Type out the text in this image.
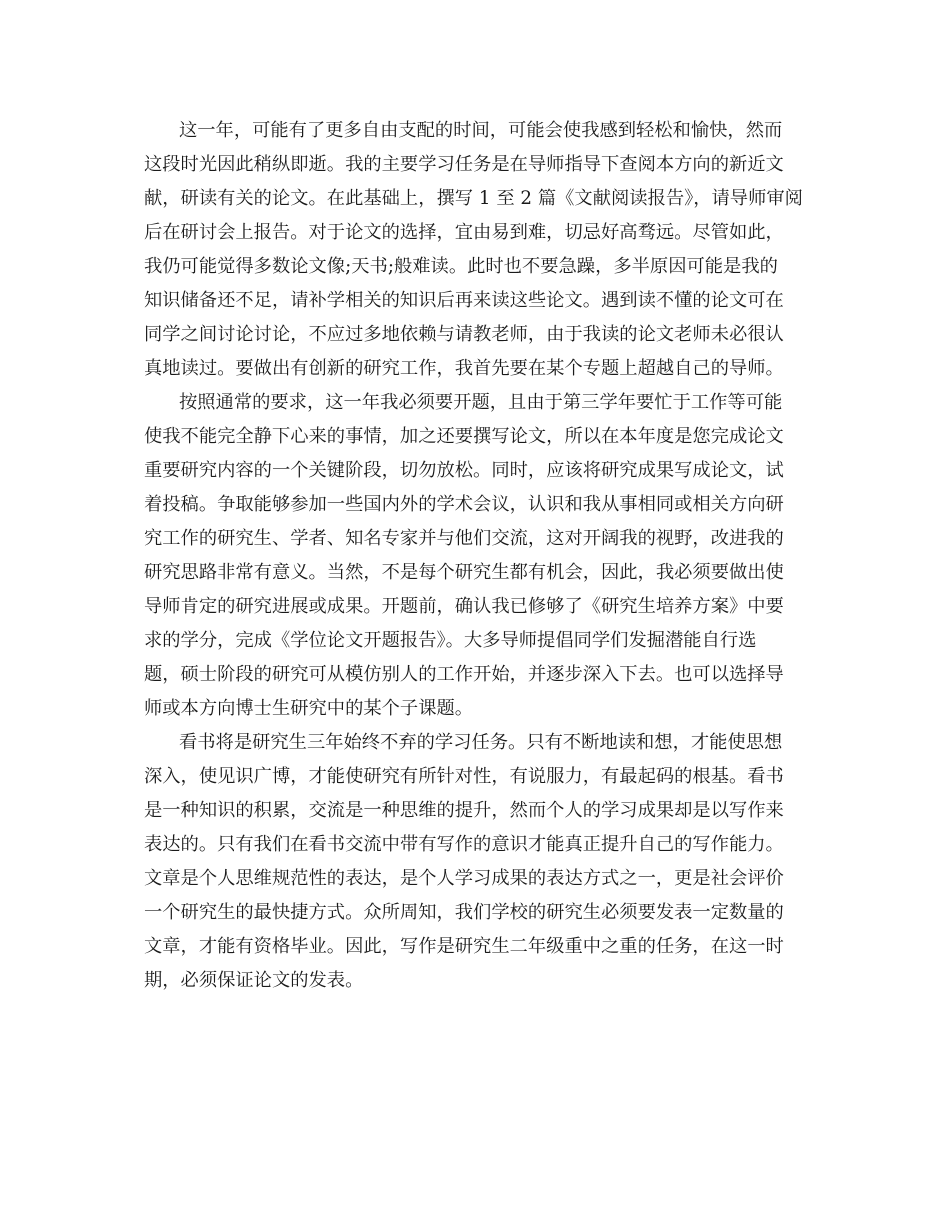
这一年，可能有了更多自由支配的时间，可能会使我感到轻松和愉快，然而

这段时光因此稍纵即逝。我的主要学习任务是在导师指导下查阅本方向的新近文

献，研读有关的论文。在此基础上，撰写 1 至 2 篇《文献阅读报告》，请导师审阅

后在研讨会上报告。对于论文的选择，宜由易到难，切忌好高骛远。尽管如此，

我仍可能觉得多数论文像;天书;般难读。此时也不要急躁，多半原因可能是我的

知识储备还不足，请补学相关的知识后再来读这些论文。遇到读不懂的论文可在

同学之间讨论讨论，不应过多地依赖与请教老师，由于我读的论文老师未必很认

真地读过。要做出有创新的研究工作，我首先要在某个专题上超越自己的导师。

按照通常的要求，这一年我必须要开题，且由于第三学年要忙于工作等可能

使我不能完全静下心来的事情，加之还要撰写论文，所以在本年度是您完成论文

重要研究内容的一个关键阶段，切勿放松。同时，应该将研究成果写成论文，试

着投稿。争取能够参加一些国内外的学术会议，认识和我从事相同或相关方向研

究工作的研究生、学者、知名专家并与他们交流，这对开阔我的视野，改进我的

研究思路非常有意义。当然，不是每个研究生都有机会，因此，我必须要做出使

导师肯定的研究进展或成果。开题前，确认我已修够了《研究生培养方案》中要

求的学分，完成《学位论文开题报告》。大多导师提倡同学们发掘潜能自行选

题，硕士阶段的研究可从模仿别人的工作开始，并逐步深入下去。也可以选择导

师或本方向博士生研究中的某个子课题。

看书将是研究生三年始终不弃的学习任务。只有不断地读和想，才能使思想

深入，使见识广博，才能使研究有所针对性，有说服力，有最起码的根基。看书

是一种知识的积累，交流是一种思维的提升，然而个人的学习成果却是以写作来

表达的。只有我们在看书交流中带有写作的意识才能真正提升自己的写作能力。

文章是个人思维规范性的表达，是个人学习成果的表达方式之一，更是社会评价

一个研究生的最快捷方式。众所周知，我们学校的研究生必须要发表一定数量的

文章，才能有资格毕业。因此，写作是研究生二年级重中之重的任务，在这一时

期，必须保证论文的发表。
